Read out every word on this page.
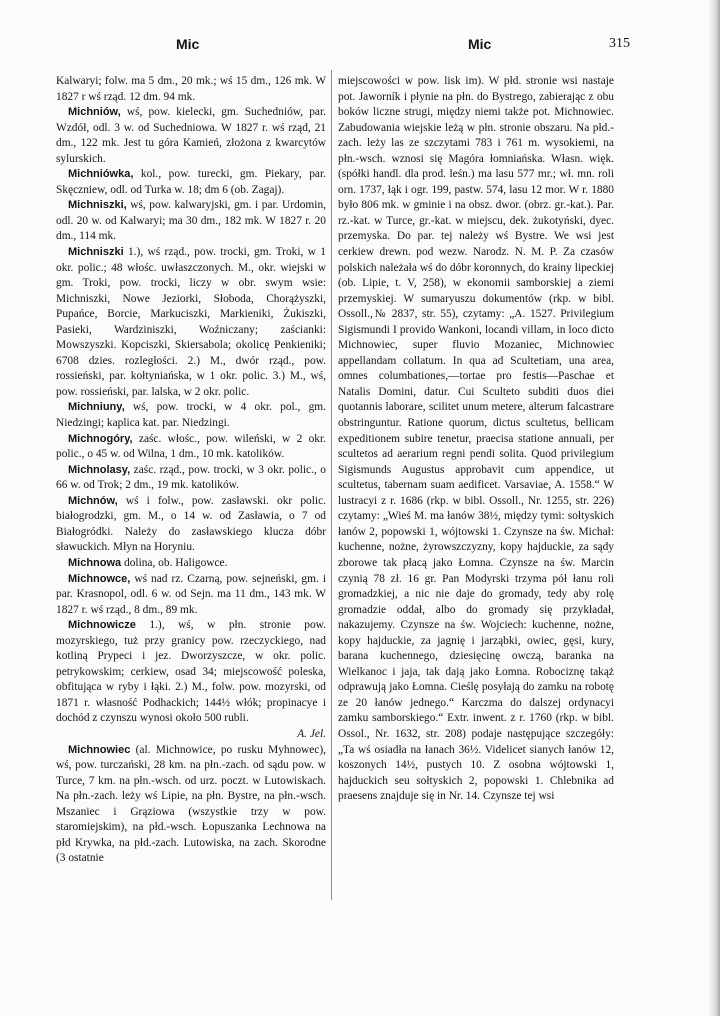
Mic	Mic	315

Kalwaryi; folw. ma 5 dm., 20 mk.; wś 15 dm., 126 mk. W 1827 r wś rząd. 12 dm. 94 mk.

Michniów, wś, pow. kielecki, gm. Suchedniów, par. Wzdół, odl. 3 w. od Suchedniowa. W 1827 r. wś rząd, 21 dm., 122 mk. Jest tu góra Kamień, złożona z kwarcytów sylurskich.

Michniówka, kol., pow. turecki, gm. Piekary, par. Skęczniew, odl. od Turka w. 18; dm 6 (ob. Zagaj).

Michniszki, wś, pow. kalwaryjski, gm. i par. Urdomin, odl. 20 w. od Kalwaryi; ma 30 dm., 182 mk. W 1827 r. 20 dm., 114 mk.

Michniszki 1.), wś rząd., pow. trocki, gm. Troki, w 1 okr. polic.; 48 włośc. uwłaszczonych. M., okr. wiejski w gm. Troki, pow. trocki, liczy w obr. swym wsie: Michniszki, Nowe Jeziorki, Słoboda, Chorążyszki, Pupańce, Borcie, Markuciszki, Markieniki, Żukiszki, Pasieki, Wardziniszki, Woźniczany; zaścianki: Mowszyszki. Kopciszki, Skiersabola; okolicę Penkieniki; 6708 dzies. rozległości. 2.) M., dwór rząd., pow. rossieński, par. kołtyniańska, w 1 okr. polic. 3.) M., wś, pow. rossieński, par. lalska, w 2 okr. polic.

Michniuny, wś, pow. trocki, w 4 okr. pol., gm. Niedzingi; kaplica kat. par. Niedzingi.

Michnogóry, zaśc. włośc., pow. wileński, w 2 okr. polic., o 45 w. od Wilna, 1 dm., 10 mk. katolików.

Michnolasy, zaśc. rząd., pow. trocki, w 3 okr. polic., o 66 w. od Trok; 2 dm., 19 mk. katolików.

Michnów, wś i folw., pow. zasławski. okr polic. białogrodzki, gm. M., o 14 w. od Zasławia, o 7 od Białogródki. Należy do zasławskiego klucza dóbr sławuckich. Młyn na Horyniu.

Michnowa dolina, ob. Haligowce.

Michnowce, wś nad rz. Czarną, pow. sejneński, gm. i par. Krasnopol, odl. 6 w. od Sejn. ma 11 dm., 143 mk. W 1827 r. wś rząd., 8 dm., 89 mk.

Michnowicze 1.), wś, w płn. stronie pow. mozyrskiego, tuż przy granicy pow. rzeczyckiego, nad kotliną Prypeci i jez. Dworzyszcze, w okr. polic. petrykowskim; cerkiew, osad 34; miejscowość poleska, obfitująca w ryby i łąki. 2.) M., folw. pow. mozyrski, od 1871 r. własność Podhackich; 144½ włók; propinacye i dochód z czynszu wynosi około 500 rubli.
A. Jel.

Michnowiec (al. Michnowice, po rusku Myhnowec), wś, pow. turczański, 28 km. na płn.-zach. od sądu pow. w Turce, 7 km. na płn.-wsch. od urz. poczt. w Lutowiskach. Na płn.-zach. leży wś Lipie, na płn. Bystre, na płn.-wsch. Mszaniec i Grąziowa (wszystkie trzy w pow. staromiejskim), na płd.-wsch. Łopuszanka Lechnowa na płd Krywka, na płd.-zach. Lutowiska, na zach. Skorodne (3 ostatnie

miejscowości w pow. lisk im). W płd. stronie wsi nastaje pot. Jaworník i płynie na płn. do Bystrego, zabierając z obu boków liczne strugi, między niemi także pot. Michnowiec. Zabudowania wiejskie leżą w płn. stronie obszaru. Na płd.-zach. leży las ze szczytami 783 i 761 m. wysokiemi, na płn.-wsch. wznosi się Magóra łomniańska. Własn. więk. (spółki handl. dla prod. leśn.) ma lasu 577 mr.; wł. mn. roli orn. 1737, łąk i ogr. 199, pastw. 574, lasu 12 mor. W r. 1880 było 806 mk. w gminie i na obsz. dwor. (obrz. gr.-kat.). Par. rz.-kat. w Turce, gr.-kat. w miejscu, dek. żukotyński, dyec. przemyska. Do par. tej należy wś Bystre. We wsi jest cerkiew drewn. pod wezw. Narodz. N. M. P. Za czasów polskich należała wś do dóbr koronnych, do krainy lipeckiej (ob. Lipie, t. V, 258), w ekonomii samborskiej a ziemi przemyskiej. W sumaryuszu dokumentów (rkp. w bibl. Ossoll.,№ 2837, str. 55), czytamy: „A. 1527. Privilegium Sigismundi I provido Wankoni, locandi villam, in loco dicto Michnowiec, super fluvio Mozaniec, Michnowiec appellandam collatum. In qua ad Scultetiam, una area, omnes columbationes,—tortae pro festis—Paschae et Natalis Domini, datur. Cui Sculteto subditi duos diei quotannis laborare, scilitet unum metere, alterum falcastrare obstringuntur. Ratione quorum, dictus scultetus, bellicam expeditionem subire tenetur, praecisa statione annuali, per scultetos ad aerarium regni pendi solita. Quod privilegium Sigismunds Augustus approbavit cum appendice, ut scultetus, tabernam suam aedificet. Varsaviae, A. 1558.“ W lustracyi z r. 1686 (rkp. w bibl. Ossoll., Nr. 1255, str. 226) czytamy: „Wieś M. ma łanów 38½, między tymi: sołtyskich łanów 2, popowski 1, wójtowski 1. Czynsze na św. Michał: kuchenne, nożne, żyrowszczyzny, kopy hajduckie, za sądy zborowe tak płacą jako Łomna. Czynsze na św. Marcin czynią 78 zł. 16 gr. Pan Modyrski trzyma pół łanu roli gromadzkiej, a nic nie daje do gromady, tedy aby rolę gromadzie oddał, albo do gromady się przykładał, nakazujemy. Czynsze na św. Wojciech: kuchenne, nożne, kopy hajduckie, za jagnię i jarząbki, owiec, gęsi, kury, barana kuchennego, dziesięcinę owczą, baranka na Wielkanoc i jaja, tak dają jako Łomna. Robociznę takąż odprawują jako Łomna. Cieślę posyłają do zamku na robotę ze 20 łanów jednego.“ Karczma do dalszej ordynacyi zamku samborskiego.“ Extr. inwent. z r. 1760 (rkp. w bibl. Ossol., Nr. 1632, str. 208) podaje następujące szczegóły: „Ta wś osiadła na łanach 36½. Videlicet sianych łanów 12, koszonych 14½, pustych 10. Z osobna wójtowski 1, hajduckich seu sołtyskich 2, popowski 1. Chlebnika ad praesens znajduje się in Nr. 14. Czynsze tej wsi
